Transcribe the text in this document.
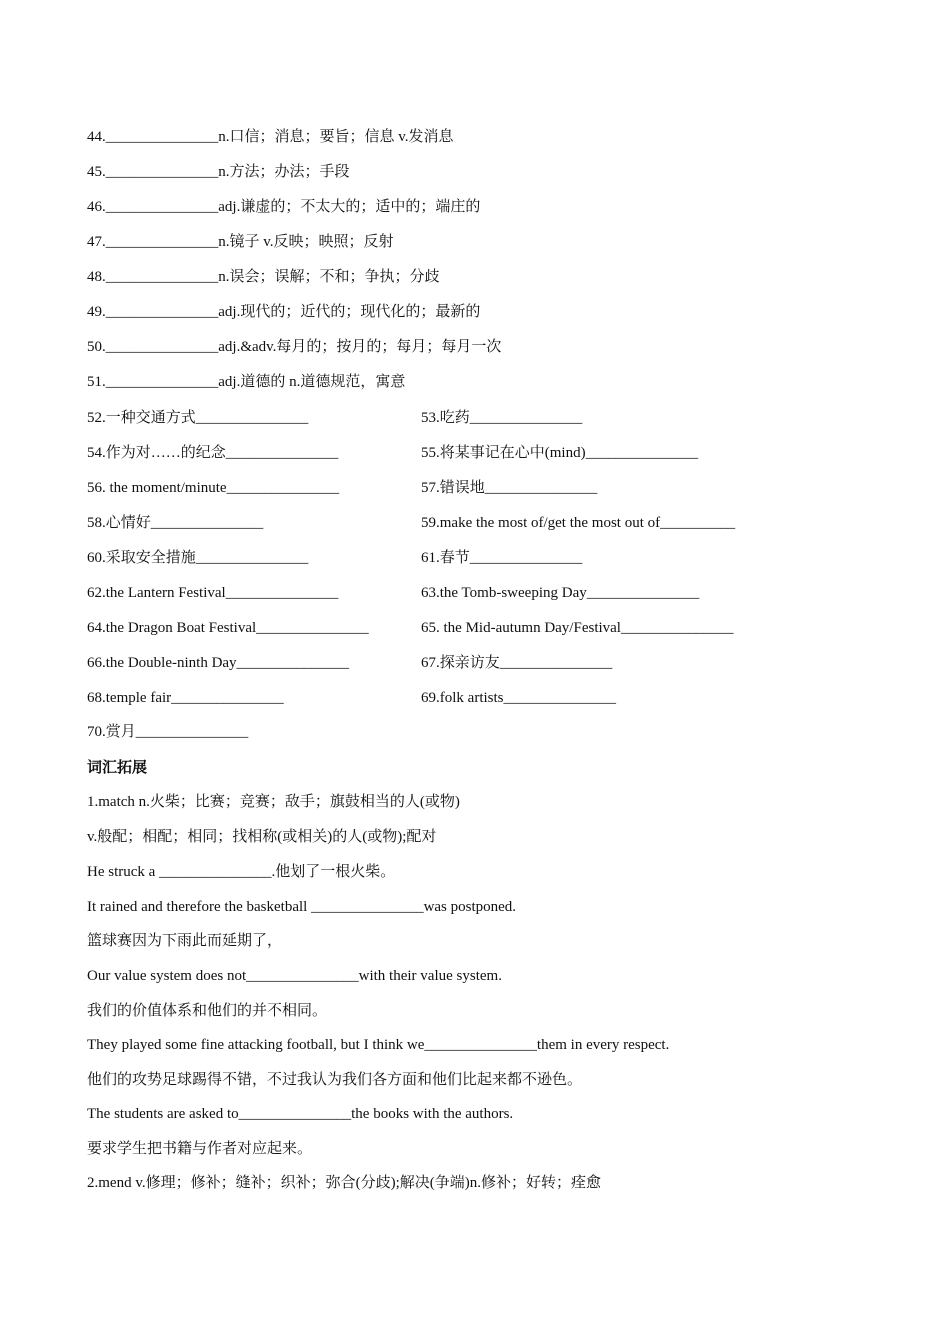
44._______________n.口信；消息；要旨；信息 v.发消息
45._______________n.方法；办法；手段
46._______________adj.谦虚的；不太大的；适中的；端庄的
47._______________n.镜子 v.反映；映照；反射
48._______________n.误会；误解；不和；争执；分歧
49._______________adj.现代的；近代的；现代化的；最新的
50._______________adj.&adv.每月的；按月的；每月；每月一次
51._______________adj.道德的 n.道德规范，寓意
52.一种交通方式_______________	53.吃药_______________
54.作为对……的纪念_______________	55.将某事记在心中(mind)_______________
56. the moment/minute_______________	57.错误地_______________
58.心情好_______________	59.make the most of/get the most out of__________
60.采取安全措施_______________	61.春节_______________
62.the Lantern Festival_______________	63.the Tomb-sweeping Day_______________
64.the Dragon Boat Festival_______________	65. the Mid-autumn Day/Festival_______________
66.the Double-ninth Day_______________	67.探亲访友_______________
68.temple fair_______________	69.folk artists_______________
70.赏月_______________
词汇拓展
1.match n.火柴；比赛；竞赛；敌手；旗鼓相当的人(或物)
v.般配；相配；相同；找相称(或相关)的人(或物);配对
He struck a _______________.他划了一根火柴。
It rained and therefore the basketball _______________was postponed.
篮球赛因为下雨此而延期了，
Our value system does not_______________with their value system.
我们的价值体系和他们的并不相同。
They played some fine attacking football, but I think we_______________them in every respect.
他们的攻势足球踢得不错，不过我认为我们各方面和他们比起来都不逊色。
The students are asked to_______________the books with the authors.
要求学生把书籍与作者对应起来。
2.mend v.修理；修补；缝补；织补；弥合(分歧);解决(争端)n.修补；好转；痊愈
